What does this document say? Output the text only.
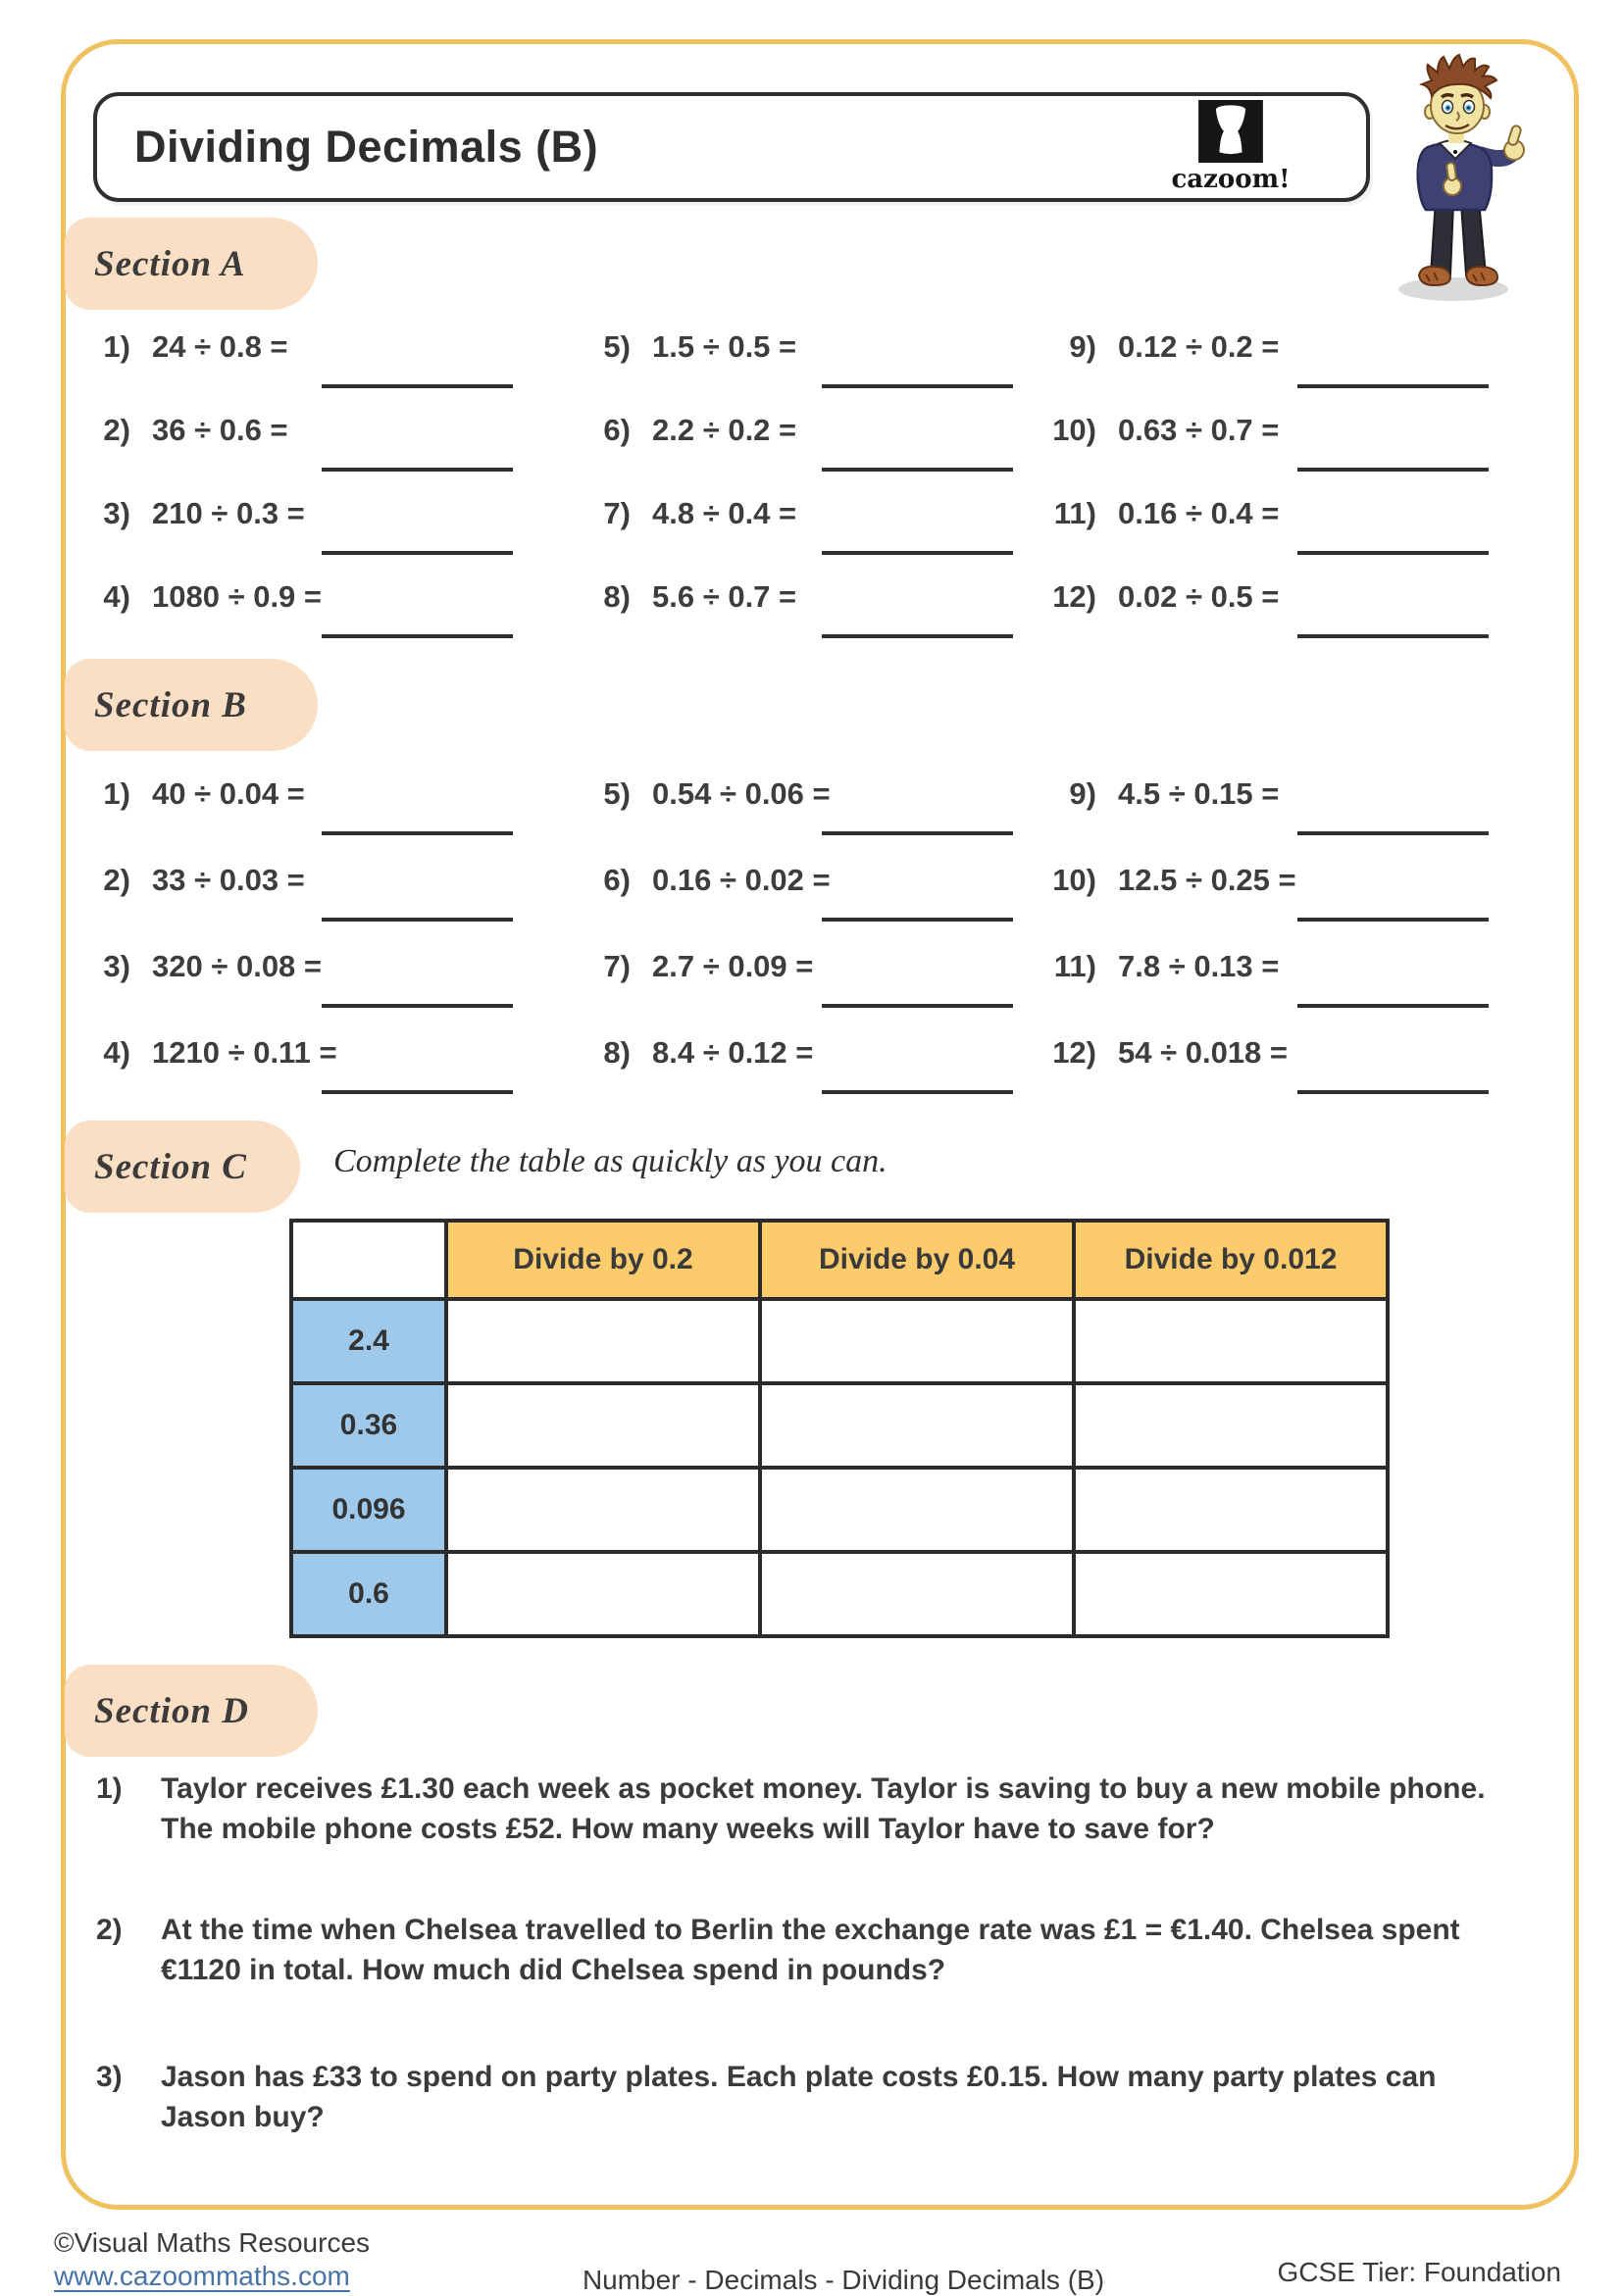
Dividing Decimals (B)
cazoom!
Section A
1) 24 ÷ 0.8 =
2) 36 ÷ 0.6 =
3) 210 ÷ 0.3 =
4) 1080 ÷ 0.9 =
5) 1.5 ÷ 0.5 =
6) 2.2 ÷ 0.2 =
7) 4.8 ÷ 0.4 =
8) 5.6 ÷ 0.7 =
9) 0.12 ÷ 0.2 =
10) 0.63 ÷ 0.7 =
11) 0.16 ÷ 0.4 =
12) 0.02 ÷ 0.5 =
Section B
1) 40 ÷ 0.04 =
2) 33 ÷ 0.03 =
3) 320 ÷ 0.08 =
4) 1210 ÷ 0.11 =
5) 0.54 ÷ 0.06 =
6) 0.16 ÷ 0.02 =
7) 2.7 ÷ 0.09 =
8) 8.4 ÷ 0.12 =
9) 4.5 ÷ 0.15 =
10) 12.5 ÷ 0.25 =
11) 7.8 ÷ 0.13 =
12) 54 ÷ 0.018 =
Section C	Complete the table as quickly as you can.
	Divide by 0.2	Divide by 0.04	Divide by 0.012
2.4			
0.36			
0.096			
0.6			
Section D
1)	Taylor receives £1.30 each week as pocket money. Taylor is saving to buy a new mobile phone. The mobile phone costs £52. How many weeks will Taylor have to save for?
2)	At the time when Chelsea travelled to Berlin the exchange rate was £1 = €1.40. Chelsea spent €1120 in total. How much did Chelsea spend in pounds?
3)	Jason has £33 to spend on party plates. Each plate costs £0.15. How many party plates can Jason buy?
©Visual Maths Resources
www.cazoommaths.com	Number - Decimals - Dividing Decimals (B)	GCSE Tier: Foundation
